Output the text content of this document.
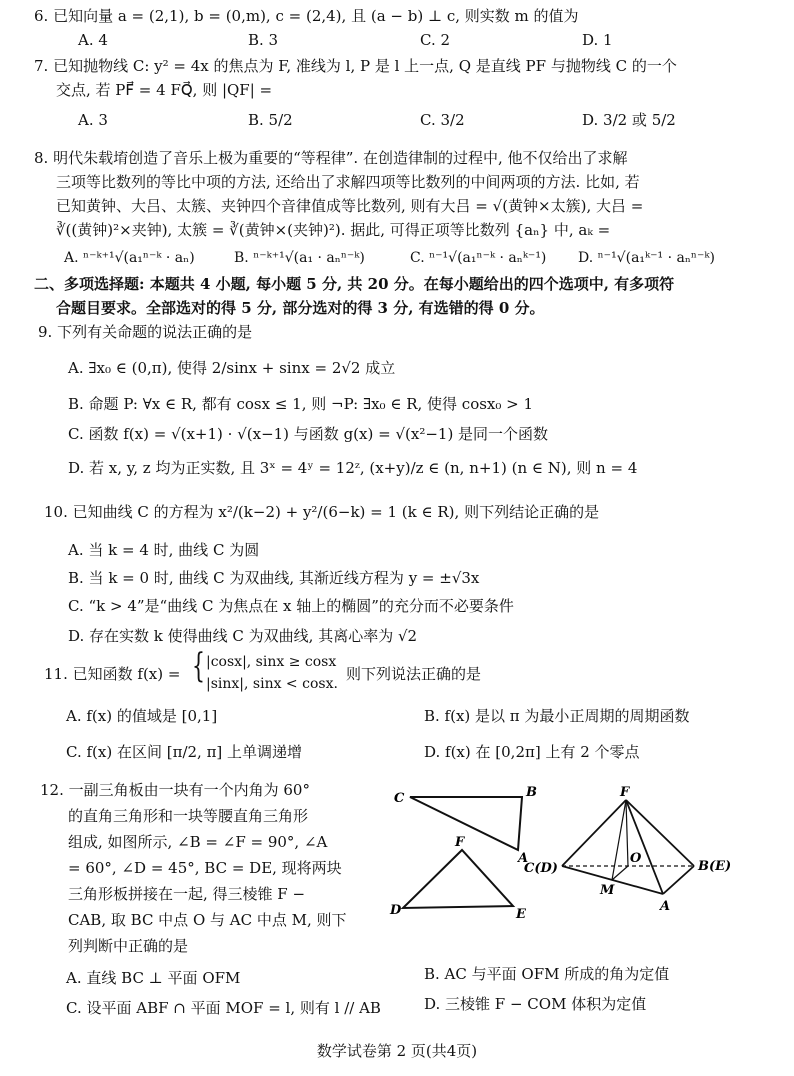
6. 已知向量 a = (2,1), b = (0,m), c = (2,4), 且 (a − b) ⊥ c, 则实数 m 的值为
A. 4	B. 3	C. 2	D. 1
7. 已知抛物线 C: y² = 4x 的焦点为 F, 准线为 l, P 是 l 上一点, Q 是直线 PF 与抛物线 C 的一个
交点, 若 PF⃗ = 4 FQ⃗, 则 |QF| =
A. 3	B. 5/2	C. 3/2	D. 3/2 或 5/2
8. 明代朱载堉创造了音乐上极为重要的“等程律”. 在创造律制的过程中, 他不仅给出了求解
三项等比数列的等比中项的方法, 还给出了求解四项等比数列的中间两项的方法. 比如, 若
已知黄钟、大吕、太簇、夹钟四个音律值成等比数列, 则有大吕 = √(黄钟×太簇), 大吕 =
∛((黄钟)²×夹钟), 太簇 = ∛(黄钟×(夹钟)²). 据此, 可得正项等比数列 {aₙ} 中, aₖ =
A. ⁿ⁻ᵏ⁺¹√(a₁ⁿ⁻ᵏ · aₙ)	B. ⁿ⁻ᵏ⁺¹√(a₁ · aₙⁿ⁻ᵏ)	C. ⁿ⁻¹√(a₁ⁿ⁻ᵏ · aₙᵏ⁻¹) D. ⁿ⁻¹√(a₁ᵏ⁻¹ · aₙⁿ⁻ᵏ)
二、多项选择题: 本题共 4 小题, 每小题 5 分, 共 20 分。在每小题给出的四个选项中, 有多项符
合题目要求。全部选对的得 5 分, 部分选对的得 3 分, 有选错的得 0 分。
9. 下列有关命题的说法正确的是
A. ∃x₀ ∈ (0,π), 使得 2/sinx + sinx = 2√2 成立
B. 命题 P: ∀x ∈ R, 都有 cosx ≤ 1, 则 ¬P: ∃x₀ ∈ R, 使得 cosx₀ > 1
C. 函数 f(x) = √(x+1) · √(x−1) 与函数 g(x) = √(x²−1) 是同一个函数
D. 若 x, y, z 均为正实数, 且 3ˣ = 4ʸ = 12ᶻ, (x+y)/z ∈ (n, n+1) (n ∈ N), 则 n = 4
10. 已知曲线 C 的方程为 x²/(k−2) + y²/(6−k) = 1 (k ∈ R), 则下列结论正确的是
A. 当 k = 4 时, 曲线 C 为圆
B. 当 k = 0 时, 曲线 C 为双曲线, 其渐近线方程为 y = ±√3x
C. “k > 4”是“曲线 C 为焦点在 x 轴上的椭圆”的充分而不必要条件
D. 存在实数 k 使得曲线 C 为双曲线, 其离心率为 √2
11. 已知函数 f(x) = { |cosx|, sinx ≥ cosx
|sinx|, sinx < cosx.
则下列说法正确的是
A. f(x) 的值域是 [0,1]	B. f(x) 是以 π 为最小正周期的周期函数
C. f(x) 在区间 [π/2, π] 上单调递增	D. f(x) 在 [0,2π] 上有 2 个零点
12. 一副三角板由一块有一个内角为 60°
的直角三角形和一块等腰直角三角形
组成, 如图所示, ∠B = ∠F = 90°, ∠A
= 60°, ∠D = 45°, BC = DE, 现将两块
三角形板拼接在一起, 得三棱锥 F −
CAB, 取 BC 中点 O 与 AC 中点 M, 则下
列判断中正确的是
A. 直线 BC ⊥ 平面 OFM	B. AC 与平面 OFM 所成的角为定值
C. 设平面 ABF ∩ 平面 MOF = l, 则有 l // AB	D. 三棱锥 F − COM 体积为定值
C	B
A
F
D	E
F
C(D)	B(E)
O
M
A
数学试卷第 2 页(共4页)
